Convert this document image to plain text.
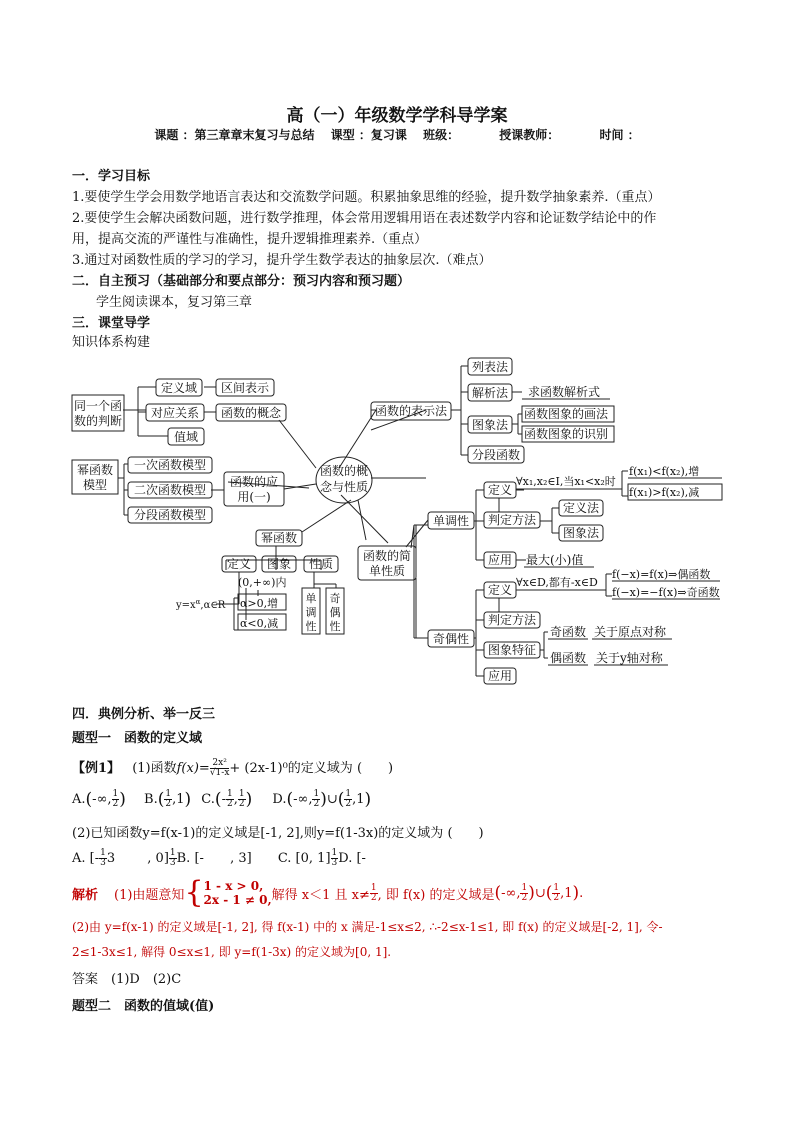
高（一）年级数学学科导学案
课题 ：第三章章末复习与总结 课型 ：复习课 班级：	授课教师：	时间 ：
一．学习目标
1.要使学生学会用数学地语言表达和交流数学问题。积累抽象思维的经验，提升数学抽象素养.（重点）
2.要使学生会解决函数问题，进行数学推理，体会常用逻辑用语在表述数学内容和论证数学结论中的作
用，提高交流的严谨性与准确性，提升逻辑推理素养.（重点）
3.通过对函数性质的学习的学习，提升学生数学表达的抽象层次.（难点）
二．自主预习（基础部分和要点部分：预习内容和预习题）
学生阅读课本，复习第三章
三．课堂导学
知识体系构建
函数的概
念与性质
同一个函
数的判断
定义域
对应关系
值域
区间表示
函数的概念
幂函数
模型
一次函数模型
二次函数模型
分段函数模型
函数的应
用(一)
幂函数
定义 图象 性质
$y=x^\alpha,\alpha\in R$
(0,+∞)内
α>0,增
α<0,减
单
调
性
奇
偶
性
函数的表示法
列表法
解析法
图象法
分段函数
求函数解析式
函数图象的画法
函数图象的识别
函数的简
单性质
单调性
定义
判定方法
应用
∀x₁,x₂∈I,当x₁<x₂时
f(x₁)<f(x₂),增
f(x₁)>f(x₂),减
定义法
图象法
最大(小)值
奇偶性
定义
判定方法
图象特征
应用
∀x∈D,都有-x∈D
f(−x)=f(x)⇒偶函数
f(−x)=−f(x)⇒奇函数
奇函数
偶函数
关于原点对称
关于y轴对称
四．典例分析、举一反三
题型一　函数的定义域
【例1】 (1)函数$f(x)= \frac{\text{2x²}}{√1-x} + (2x-1)^0$的定义域为 (　　)
A.(-∞, $\frac{1}{2}$ ) $B.( \frac{1}{2} ,1)$ $C.(- \frac{1}{2}$ , $\frac{1}{2}$ ) D.(-∞, $\frac{1}{2}$ )∪( $\frac{1}{2} ,1$)
(2)已知函数y=f(x-1)的定义域是[-1, 2],则y=f(1-3x)的定义域为 (　　)
A. [- $\frac{1}{3} 3$ , $0] \frac{1}{3} B$. [- , 3] C. [0, $1] \frac{1}{3} D$. [-
解析 (1)由题意知 { 1 - x > 0,
2x - 1 ≠ 0, 解得 x＜1 且 $x\ne \frac{1}{2}$ , 即 f(x) 的定义域是 ( -∞, $\frac{1}{2}$ ) ∪ ( $\frac{1}{2} ,1$ ) .
(2)由 y=f(x-1) 的定义域是[-1, 2], 得 f(x-1) 中的 x 满足-1≤x≤2, ∴-2≤x-1≤1, 即 f(x) 的定义域是[-2, 1], 令-
2≤1-3x≤1, 解得 0≤x≤1, 即 y=f(1-3x) 的定义域为[0, 1].
答案　(1)D　(2)C
题型二　函数的值域(值)
